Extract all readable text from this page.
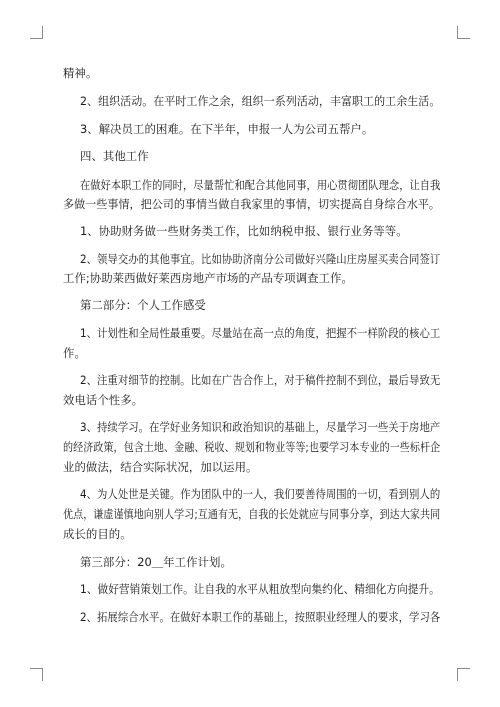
精神。
2、组织活动。在平时工作之余，组织一系列活动，丰富职工的工余生活。
3、解决员工的困难。在下半年，申报一人为公司五帮户。
四、其他工作
在做好本职工作的同时，尽量帮忙和配合其他同事，用心贯彻团队理念，让自我
多做一些事情，把公司的事情当做自我家里的事情，切实提高自身综合水平。
1、协助财务做一些财务类工作，比如纳税申报、银行业务等等。
2、领导交办的其他事宜。比如协助济南分公司做好兴隆山庄房屋买卖合同签订
工作;协助莱西做好莱西房地产市场的产品专项调查工作。
第二部分：个人工作感受
1、计划性和全局性最重要。尽量站在高一点的角度，把握不一样阶段的核心工
作。
2、注重对细节的控制。比如在广告合作上，对于稿件控制不到位，最后导致无
效电话个性多。
3、持续学习。在学好业务知识和政治知识的基础上，尽量学习一些关于房地产
的经济政策，包含土地、金融、税收、规划和物业等等;也要学习本专业的一些标杆企
业的做法，结合实际状况，加以运用。
4、为人处世是关键。作为团队中的一人，我们要善待周围的一切，看到别人的
优点，谦虚谨慎地向别人学习;互通有无，自我的长处就应与同事分享，到达大家共同
成长的目的。
第三部分：20＿年工作计划。
1、做好营销策划工作。让自我的水平从粗放型向集约化、精细化方向提升。
2、拓展综合水平。在做好本职工作的基础上，按照职业经理人的要求，学习各
